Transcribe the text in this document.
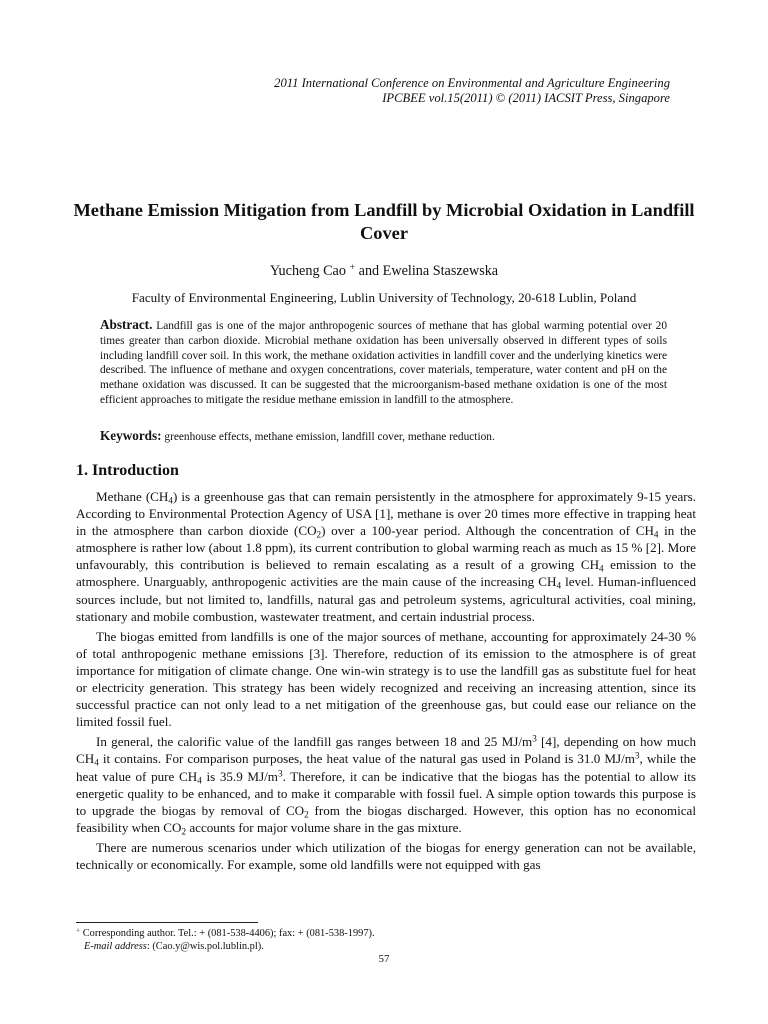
2011 International Conference on Environmental and Agriculture Engineering
IPCBEE vol.15(2011) © (2011) IACSIT Press, Singapore
Methane Emission Mitigation from Landfill by Microbial Oxidation in Landfill Cover
Yucheng Cao + and Ewelina Staszewska
Faculty of Environmental Engineering, Lublin University of Technology, 20-618 Lublin, Poland
Abstract. Landfill gas is one of the major anthropogenic sources of methane that has global warming potential over 20 times greater than carbon dioxide. Microbial methane oxidation has been universally observed in different types of soils including landfill cover soil. In this work, the methane oxidation activities in landfill cover and the underlying kinetics were described. The influence of methane and oxygen concentrations, cover materials, temperature, water content and pH on the methane oxidation was discussed. It can be suggested that the microorganism-based methane oxidation is one of the most efficient approaches to mitigate the residue methane emission in landfill to the atmosphere.
Keywords: greenhouse effects, methane emission, landfill cover, methane reduction.
1. Introduction

Methane $(CH_4)$ is a greenhouse gas that can remain persistently in the atmosphere for approximately 9-15 years. According to Environmental Protection Agency of USA [1], methane is over 20 times more effective in trapping heat in the atmosphere than carbon dioxide $(CO_2)$ over a 100-year period. Although the concentration of $CH_4$ in the atmosphere is rather low (about 1.8 ppm), its current contribution to global warming reach as much as 15 % [2]. More unfavourably, this contribution is believed to remain escalating as a result of a growing $CH_4$ emission to the atmosphere. Unarguably, anthropogenic activities are the main cause of the increasing $CH_4$ level. Human-influenced sources include, but not limited to, landfills, natural gas and petroleum systems, agricultural activities, coal mining, stationary and mobile combustion, wastewater treatment, and certain industrial process.

The biogas emitted from landfills is one of the major sources of methane, accounting for approximately 24-30 % of total anthropogenic methane emissions [3]. Therefore, reduction of its emission to the atmosphere is of great importance for mitigation of climate change. One win-win strategy is to use the landfill gas as substitute fuel for heat or electricity generation. This strategy has been widely recognized and receiving an increasing attention, since its successful practice can not only lead to a net mitigation of the greenhouse gas, but could ease our reliance on the limited fossil fuel.

In general, the calorific value of the landfill gas ranges between 18 and 25 $MJ/m^3$ [4], depending on how much $CH_4$ it contains. For comparison purposes, the heat value of the natural gas used in Poland is 31.0 $MJ/m^3$, while the heat value of pure $CH_4$ is 35.9 $MJ/m^3$. Therefore, it can be indicative that the biogas has the potential to allow its energetic quality to be enhanced, and to make it comparable with fossil fuel. A simple option towards this purpose is to upgrade the biogas by removal of $CO_2$ from the biogas discharged. However, this option has no economical feasibility when $CO_2$ accounts for major volume share in the gas mixture.

There are numerous scenarios under which utilization of the biogas for energy generation can not be available, technically or economically. For example, some old landfills were not equipped with gas

+ Corresponding author. Tel.: + (081-538-4406); fax: + (081-538-1997).
E-mail address: (Cao.y@wis.pol.lublin.pl).
57
